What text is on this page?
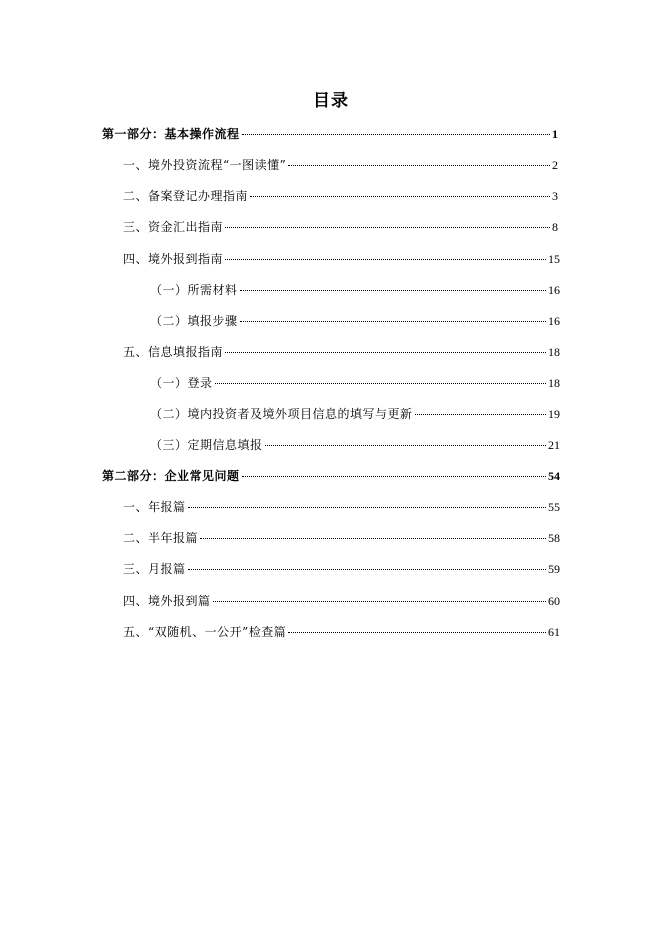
目录
第一部分：基本操作流程	1
一、境外投资流程“一图读懂”	2
二、备案登记办理指南	3
三、资金汇出指南	8
四、境外报到指南	15
（一）所需材料	16
（二）填报步骤	16
五、信息填报指南	18
（一）登录	18
（二）境内投资者及境外项目信息的填写与更新	19
（三）定期信息填报	21
第二部分：企业常见问题	54
一、年报篇	55
二、半年报篇	58
三、月报篇	59
四、境外报到篇	60
五、“双随机、一公开”检查篇	61
